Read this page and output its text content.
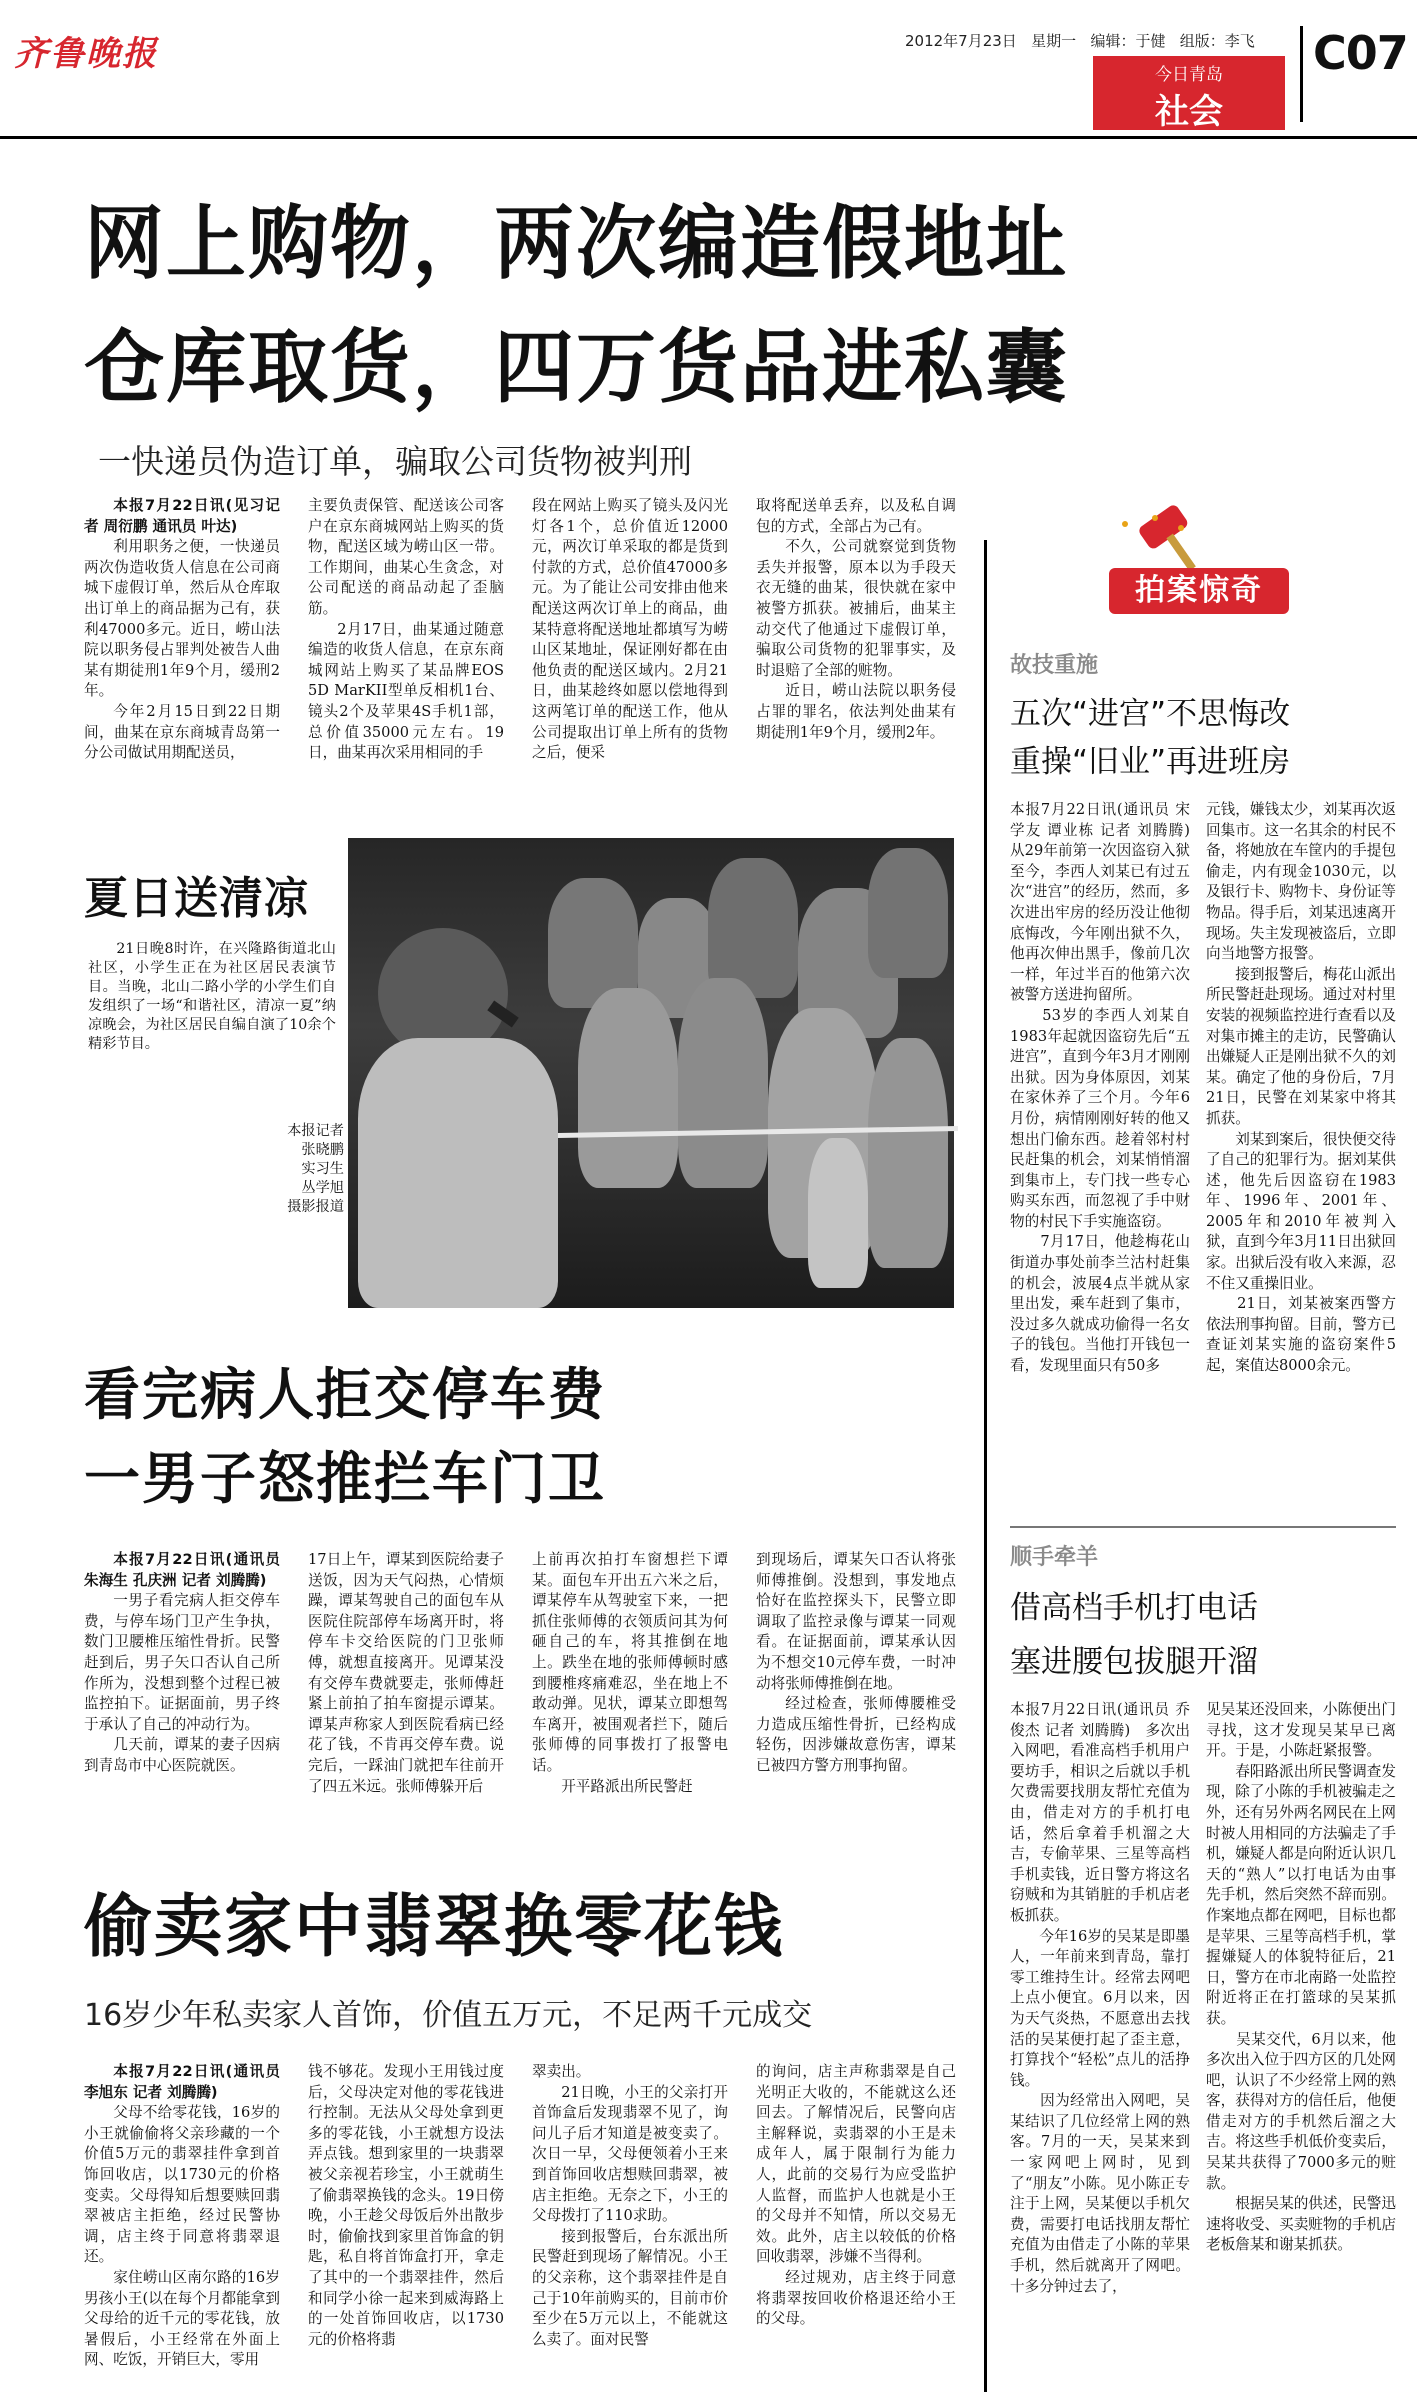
齐鲁晚报	2012年7月23日 星期一 编辑：于健 组版：李飞
今日青岛
社会
C07
网上购物，两次编造假地址
仓库取货，四万货品进私囊
一快递员伪造订单，骗取公司货物被判刑

本报7月22日讯(见习记者 周衍鹏 通讯员 叶达)

利用职务之便，一快递员两次伪造收货人信息在公司商城下虚假订单，然后从仓库取出订单上的商品据为己有，获利47000多元。近日，崂山法院以职务侵占罪判处被告人曲某有期徒刑1年9个月，缓刑2年。

今年2月15日到22日期间，曲某在京东商城青岛第一分公司做试用期配送员，

主要负责保管、配送该公司客户在京东商城网站上购买的货物，配送区域为崂山区一带。工作期间，曲某心生贪念，对公司配送的商品动起了歪脑筋。

2月17日，曲某通过随意编造的收货人信息，在京东商城网站上购买了某品牌EOS 5D MarKII型单反相机1台、镜头2个及苹果4S手机1部，总价值35000元左右。19日，曲某再次采用相同的手

段在网站上购买了镜头及闪光灯各1个，总价值近12000元，两次订单采取的都是货到付款的方式，总价值47000多元。为了能让公司安排由他来配送这两次订单上的商品，曲某特意将配送地址都填写为崂山区某地址，保证刚好都在由他负责的配送区域内。2月21日，曲某趁终如愿以偿地得到这两笔订单的配送工作，他从公司提取出订单上所有的货物之后，便采

取将配送单丢弃，以及私自调包的方式，全部占为己有。

不久，公司就察觉到货物丢失并报警，原本以为手段天衣无缝的曲某，很快就在家中被警方抓获。被捕后，曲某主动交代了他通过下虚假订单，骗取公司货物的犯罪事实，及时退赔了全部的赃物。

近日，崂山法院以职务侵占罪的罪名，依法判处曲某有期徒刑1年9个月，缓刑2年。

夏日送清凉
21日晚8时许，在兴隆路街道北山社区，小学生正在为社区居民表演节目。当晚，北山二路小学的小学生们自发组织了一场“和谐社区，清凉一夏”纳凉晚会，为社区居民自编自演了10余个精彩节目。
本报记者
张晓鹏
实习生
丛学旭
摄影报道
看完病人拒交停车费
一男子怒推拦车门卫

本报7月22日讯(通讯员 朱海生 孔庆洲 记者 刘腾腾)

一男子看完病人拒交停车费，与停车场门卫产生争执，数门卫腰椎压缩性骨折。民警赶到后，男子矢口否认自己所作所为，没想到整个过程已被监控拍下。证据面前，男子终于承认了自己的冲动行为。

几天前，谭某的妻子因病到青岛市中心医院就医。

17日上午，谭某到医院给妻子送饭，因为天气闷热，心情烦躁，谭某驾驶自己的面包车从医院住院部停车场离开时，将停车卡交给医院的门卫张师傅，就想直接离开。见谭某没有交停车费就要走，张师傅赶紧上前拍了拍车窗提示谭某。谭某声称家人到医院看病已经花了钱，不肯再交停车费。说完后，一踩油门就把车往前开了四五米远。张师傅躲开后

上前再次拍打车窗想拦下谭某。面包车开出五六米之后，谭某停车从驾驶室下来，一把抓住张师傅的衣领质问其为何砸自己的车，将其推倒在地上。跌坐在地的张师傅顿时感到腰椎疼痛难忍，坐在地上不敢动弹。见状，谭某立即想驾车离开，被围观者拦下，随后张师傅的同事拨打了报警电话。

开平路派出所民警赶

到现场后，谭某矢口否认将张师傅推倒。没想到，事发地点恰好在监控探头下，民警立即调取了监控录像与谭某一同观看。在证据面前，谭某承认因为不想交10元停车费，一时冲动将张师傅推倒在地。

经过检查，张师傅腰椎受力造成压缩性骨折，已经构成轻伤，因涉嫌故意伤害，谭某已被四方警方刑事拘留。

偷卖家中翡翠换零花钱
16岁少年私卖家人首饰，价值五万元，不足两千元成交

本报7月22日讯(通讯员 李旭东 记者 刘腾腾)

父母不给零花钱，16岁的小王就偷偷将父亲珍藏的一个价值5万元的翡翠挂件拿到首饰回收店，以1730元的价格变卖。父母得知后想要赎回翡翠被店主拒绝，经过民警协调，店主终于同意将翡翠退还。

家住崂山区南尔路的16岁男孩小王(以在每个月都能拿到父母给的近千元的零花钱，放暑假后，小王经常在外面上网、吃饭，开销巨大，零用

钱不够花。发现小王用钱过度后，父母决定对他的零花钱进行控制。无法从父母处拿到更多的零花钱，小王就想方设法弄点钱。想到家里的一块翡翠被父亲视若珍宝，小王就萌生了偷翡翠换钱的念头。19日傍晚，小王趁父母饭后外出散步时，偷偷找到家里首饰盒的钥匙，私自将首饰盒打开，拿走了其中的一个翡翠挂件，然后和同学小徐一起来到威海路上的一处首饰回收店，以1730元的价格将翡

翠卖出。

21日晚，小王的父亲打开首饰盒后发现翡翠不见了，询问儿子后才知道是被变卖了。次日一早，父母便领着小王来到首饰回收店想赎回翡翠，被店主拒绝。无奈之下，小王的父母拨打了110求助。

接到报警后，台东派出所民警赶到现场了解情况。小王的父亲称，这个翡翠挂件是自己于10年前购买的，目前市价至少在5万元以上，不能就这么卖了。面对民警

的询问，店主声称翡翠是自己光明正大收的，不能就这么还回去。了解情况后，民警向店主解释说，卖翡翠的小王是未成年人，属于限制行为能力人，此前的交易行为应受监护人监督，而监护人也就是小王的父母并不知情，所以交易无效。此外，店主以较低的价格回收翡翠，涉嫌不当得利。

经过规劝，店主终于同意将翡翠按回收价格退还给小王的父母。

拍案惊奇
故技重施
五次“进宫”不思悔改
重操“旧业”再进班房
本报7月22日讯(通讯员 宋学友 谭业栋 记者 刘腾腾)　从29年前第一次因盗窃入狱至今，李西人刘某已有过五次“进宫”的经历，然而，多次进出牢房的经历没让他彻底悔改，今年刚出狱不久，他再次伸出黑手，像前几次一样，年过半百的他第六次被警方送进拘留所。
　　53岁的李西人刘某自1983年起就因盗窃先后“五进宫”，直到今年3月才刚刚出狱。因为身体原因，刘某在家休养了三个月。今年6月份，病情刚刚好转的他又想出门偷东西。趁着邻村村民赶集的机会，刘某悄悄溜到集市上，专门找一些专心购买东西，而忽视了手中财物的村民下手实施盗窃。
　　7月17日，他趁梅花山街道办事处前李兰沽村赶集的机会，波展4点半就从家里出发，乘车赶到了集市，没过多久就成功偷得一名女子的钱包。当他打开钱包一看，发现里面只有50多
元钱，嫌钱太少，刘某再次返回集市。这一名其余的村民不备，将她放在车筐内的手提包偷走，内有现金1030元，以及银行卡、购物卡、身份证等物品。得手后，刘某迅速离开现场。失主发现被盗后，立即向当地警方报警。
　　接到报警后，梅花山派出所民警赶赴现场。通过对村里安装的视频监控进行查看以及对集市摊主的走访，民警确认出嫌疑人正是刚出狱不久的刘某。确定了他的身份后，7月21日，民警在刘某家中将其抓获。
　　刘某到案后，很快便交待了自己的犯罪行为。据刘某供述，他先后因盗窃在1983年、1996年、2001年、2005年和2010年被判入狱，直到今年3月11日出狱回家。出狱后没有收入来源，忍不住又重操旧业。
　　21日，刘某被案西警方依法刑事拘留。目前，警方已查证刘某实施的盗窃案件5起，案值达8000余元。
顺手牵羊
借高档手机打电话
塞进腰包拔腿开溜
本报7月22日讯(通讯员 乔俊杰 记者 刘腾腾)　多次出入网吧，看准高档手机用户要坊手，相识之后就以手机欠费需要找朋友帮忙充值为由，借走对方的手机打电话，然后拿着手机溜之大吉，专偷苹果、三星等高档手机卖钱，近日警方将这名窃贼和为其销脏的手机店老板抓获。
　　今年16岁的吴某是即墨人，一年前来到青岛，靠打零工维持生计。经常去网吧上点小便宜。6月以来，因为天气炎热，不愿意出去找活的吴某便打起了歪主意，打算找个“轻松”点儿的活挣钱。
　　因为经常出入网吧，吴某结识了几位经常上网的熟客。7月的一天，吴某来到一家网吧上网时，见到了“朋友”小陈。见小陈正专注于上网，吴某便以手机欠费，需要打电话找朋友帮忙充值为由借走了小陈的苹果手机，然后就离开了网吧。十多分钟过去了，
见吴某还没回来，小陈便出门寻找，这才发现吴某早已离开。于是，小陈赶紧报警。
　　春阳路派出所民警调查发现，除了小陈的手机被骗走之外，还有另外两名网民在上网时被人用相同的方法骗走了手机，嫌疑人都是向附近认识几天的“熟人”以打电话为由事先手机，然后突然不辞而别。作案地点都在网吧，目标也都是苹果、三星等高档手机，掌握嫌疑人的体貌特征后，21日，警方在市北南路一处监控附近将正在打篮球的吴某抓获。
　　吴某交代，6月以来，他多次出入位于四方区的几处网吧，认识了不少经常上网的熟客，获得对方的信任后，他便借走对方的手机然后溜之大吉。将这些手机低价变卖后，吴某共获得了7000多元的赃款。
　　根据吴某的供述，民警迅速将收受、买卖赃物的手机店老板詹某和谢某抓获。
